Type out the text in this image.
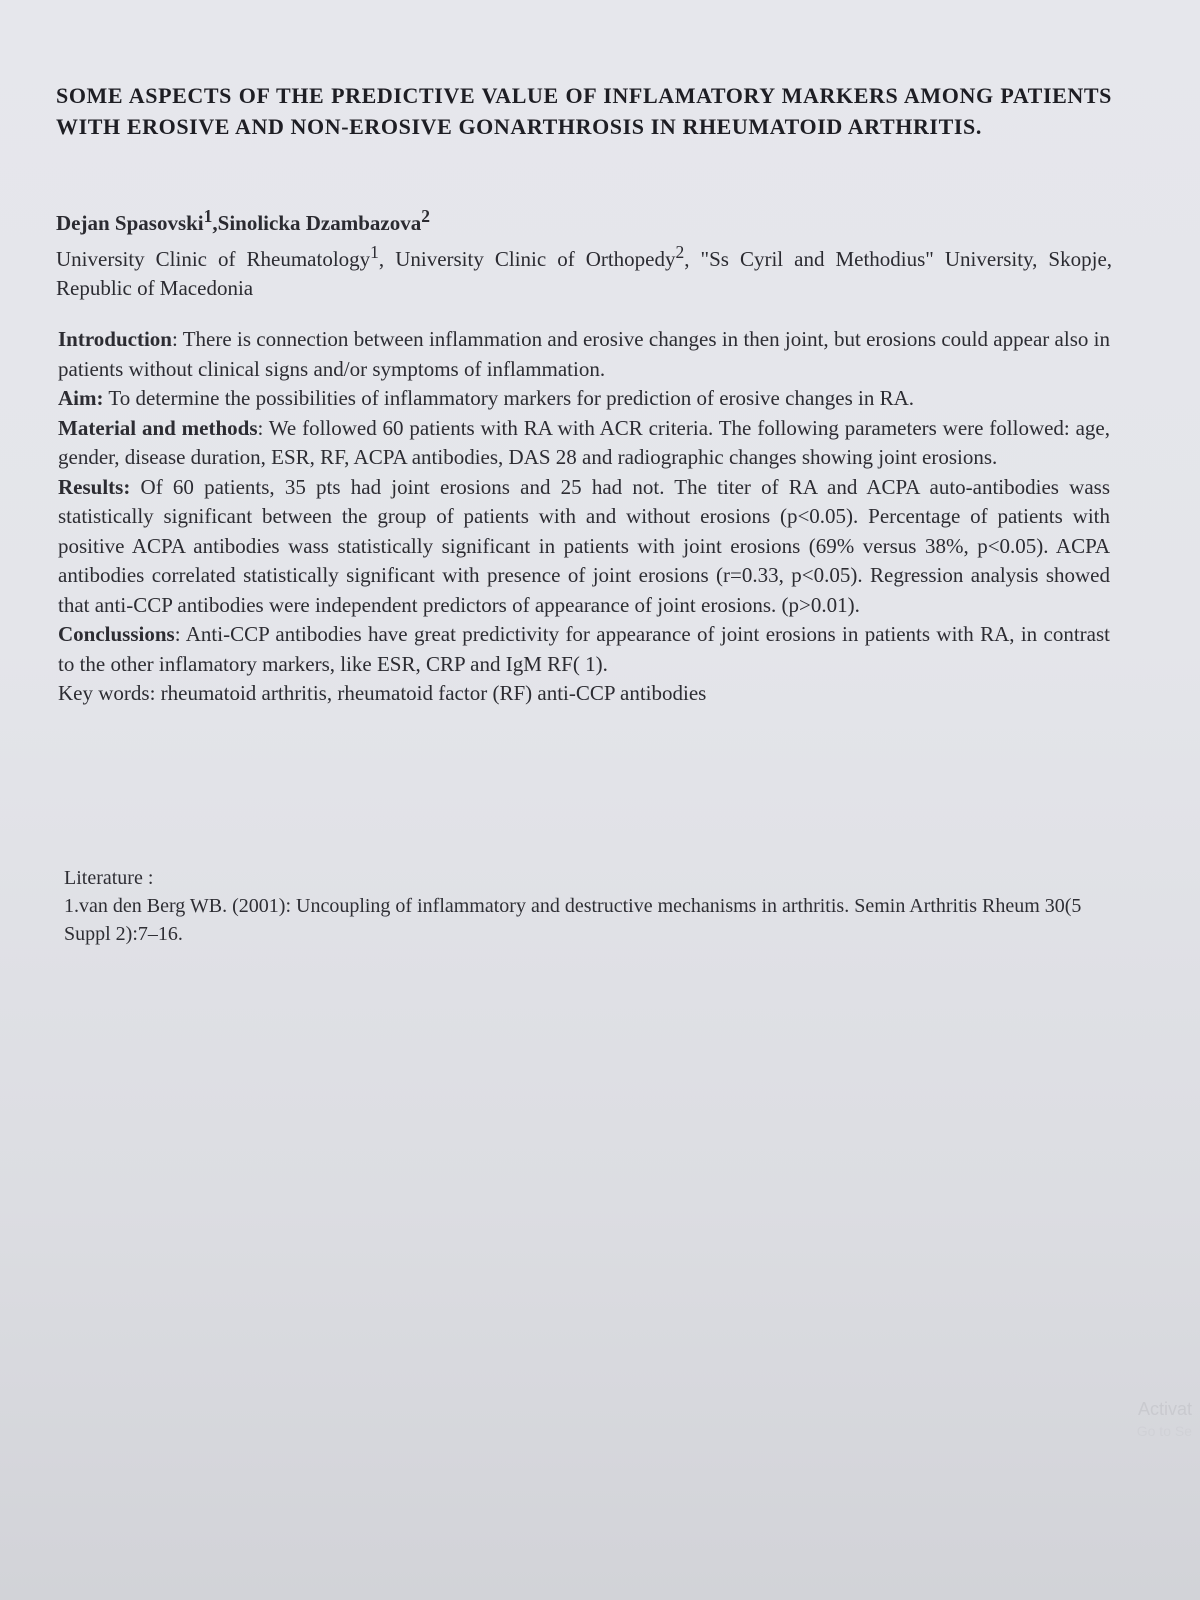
SOME ASPECTS OF THE PREDICTIVE VALUE OF INFLAMATORY MARKERS AMONG PATIENTS WITH EROSIVE AND NON-EROSIVE GONARTHROSIS IN RHEUMATOID ARTHRITIS.
Dejan Spasovski$^1$,Sinolicka Dzambazova$^2$
University Clinic of Rheumatology$^1$, University Clinic of Orthopedy$^2$, "Ss Cyril and Methodius" University, Skopje, Republic of Macedonia

Introduction: There is connection between inflammation and erosive changes in then joint, but erosions could appear also in patients without clinical signs and/or symptoms of inflammation.

Aim: To determine the possibilities of inflammatory markers for prediction of erosive changes in RA.

Material and methods: We followed 60 patients with RA with ACR criteria. The following parameters were followed: age, gender, disease duration, ESR, RF, ACPA antibodies, DAS 28 and radiographic changes showing joint erosions.

Results: Of 60 patients, 35 pts had joint erosions and 25 had not. The titer of RA and ACPA auto-antibodies wass statistically significant between the group of patients with and without erosions (p<0.05). Percentage of patients with positive ACPA antibodies wass statistically significant in patients with joint erosions (69% versus 38%, p<0.05). ACPA antibodies correlated statistically significant with presence of joint erosions (r=0.33, p<0.05). Regression analysis showed that anti-CCP antibodies were independent predictors of appearance of joint erosions. (p>0.01).

Conclussions: Anti-CCP antibodies have great predictivity for appearance of joint erosions in patients with RA, in contrast to the other inflamatory markers, like ESR, CRP and IgM RF( 1).

Key words: rheumatoid arthritis, rheumatoid factor (RF) anti-CCP antibodies

Literature :

1.van den Berg WB. (2001): Uncoupling of inflammatory and destructive mechanisms in arthritis. Semin Arthritis Rheum 30(5 Suppl 2):7–16.

Activat
Go to Se
